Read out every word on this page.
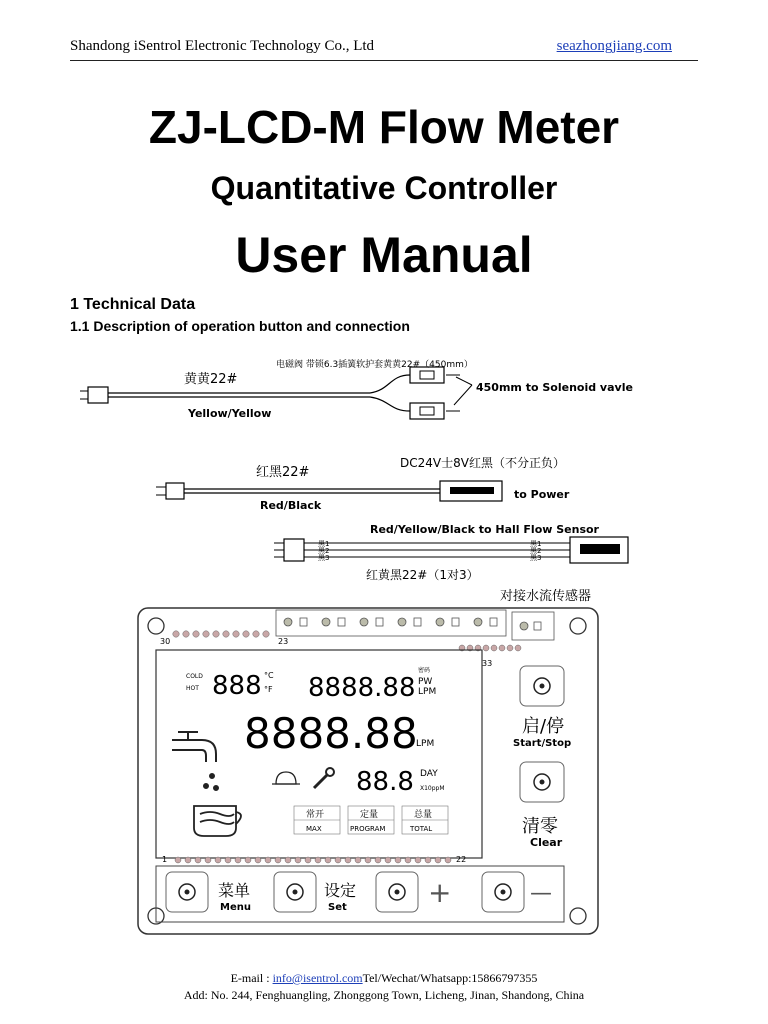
Shandong iSentrol Electronic Technology Co., Ltd	seazhongjiang.com
ZJ-LCD-M Flow Meter
Quantitative Controller
User Manual
1 Technical Data
1.1 Description of operation button and connection
黄黄22#
Yellow/Yellow
电磁阀 带锁6.3插簧软护套黄黄22#（450mm）
450mm to Solenoid vavle
红黑22#
Red/Black
DC24V士8V红黑（不分正负）
to Power
Red/Yellow/Black to Hall Flow Sensor
黑1
黑2
黑3
黑1
黑2
黑3
红黄黑22#（1对3）
对接水流传感器
30	23
33
COLD
HOT 888 °C
°F 8888.88
密码
PW
LPM
8888.88
LPM
88.8 DAY
X10ppM
常开
MAX
定量
PROGRAM
总量
TOTAL
1	22
启/停
Start/Stop
清零
Clear
菜单
Menu
设定
Set	+	—
E-mail : info@isentrol.comTel/Wechat/Whatsapp:15866797355
Add: No. 244, Fenghuangling, Zhonggong Town, Licheng, Jinan, Shandong, China
